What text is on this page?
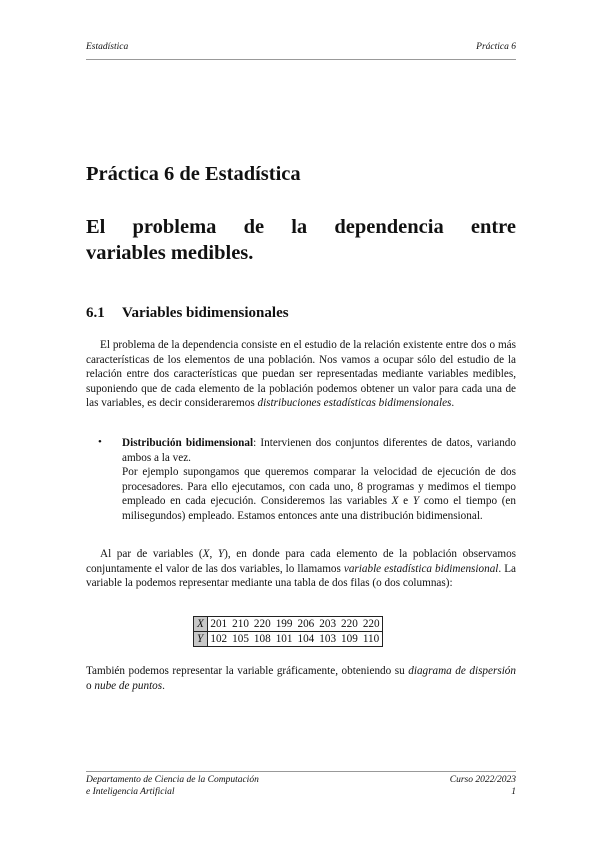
Estadística	Práctica 6
Práctica 6 de Estadística
El problema de la dependencia entre
variables medibles.
6.1 Variables bidimensionales

El problema de la dependencia consiste en el estudio de la relación existente entre dos o más características de los elementos de una población. Nos vamos a ocupar sólo del estudio de la relación entre dos características que puedan ser representadas mediante variables medibles, suponiendo que de cada elemento de la población podemos obtener un valor para cada una de las variables, es decir consideraremos distribuciones estadísticas bidimensionales.

• Distribución bidimensional: Intervienen dos conjuntos diferentes de datos, variando ambos a la vez.
Por ejemplo supongamos que queremos comparar la velocidad de ejecución de dos procesadores. Para ello ejecutamos, con cada uno, 8 programas y medimos el tiempo empleado en cada ejecución. Consideremos las variables X e Y como el tiempo (en milisegundos) empleado. Estamos entonces ante una distribución bidimensional.

Al par de variables (X, Y), en donde para cada elemento de la población observamos conjuntamente el valor de las dos variables, lo llamamos variable estadística bidimensional. La variable la podemos representar mediante una tabla de dos filas (o dos columnas):

X	201	210	220	199	206	203	220	220
Y	102	105	108	101	104	103	109	110

También podemos representar la variable gráficamente, obteniendo su diagrama de dispersión o nube de puntos.

Departamento de Ciencia de la Computación
e Inteligencia Artificial
Curso 2022/2023
1
